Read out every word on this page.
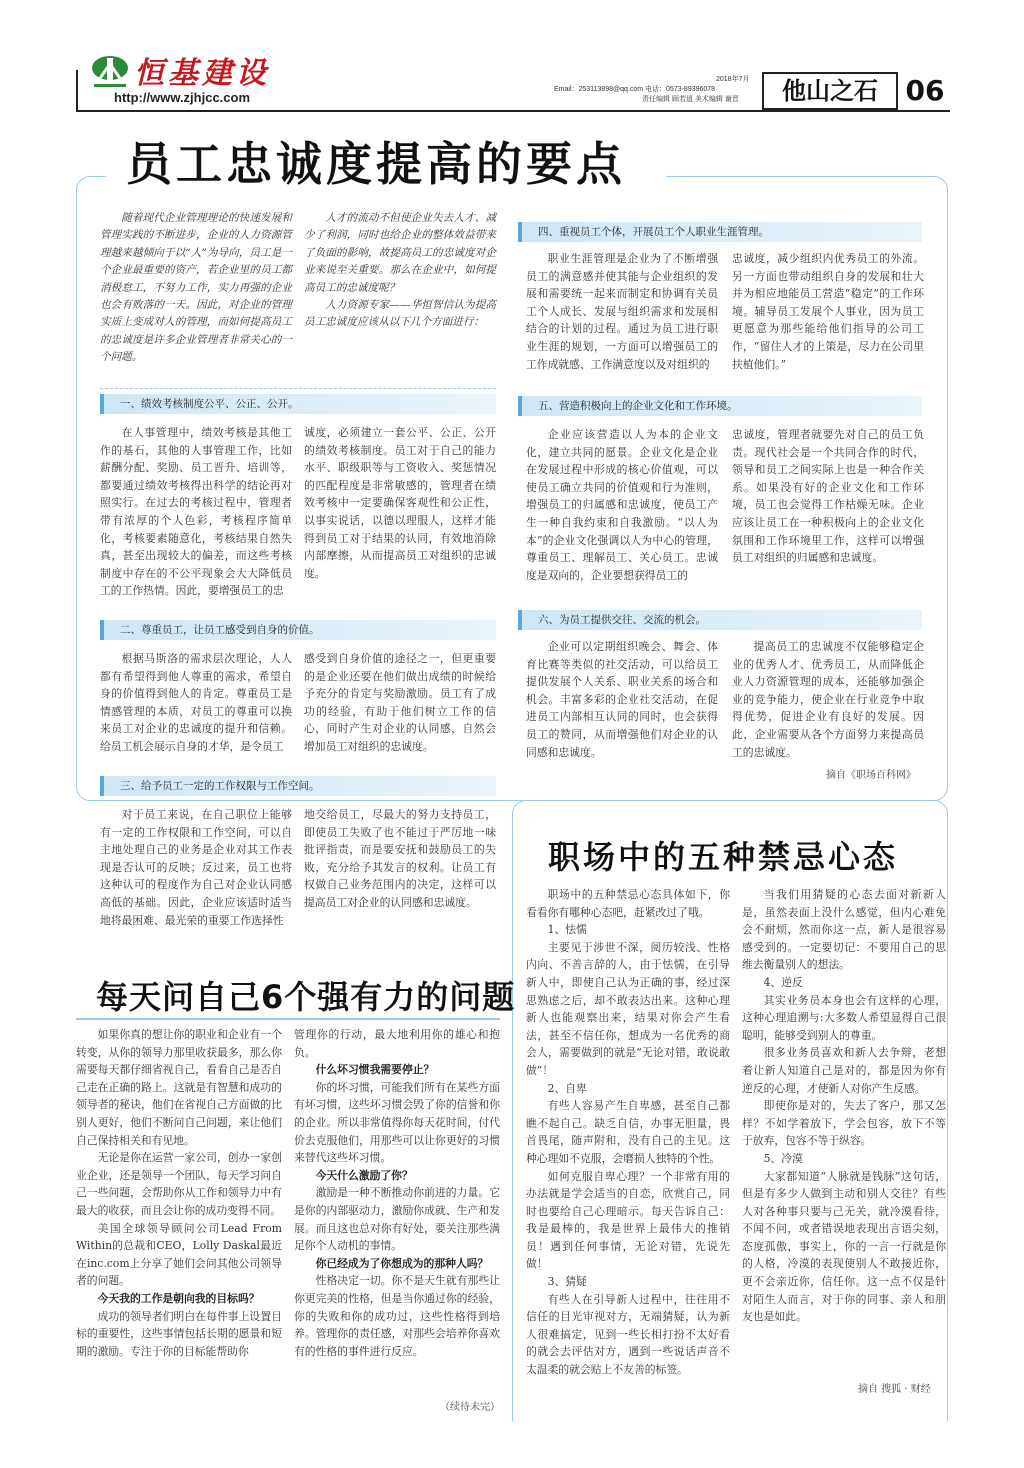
恒基建设
http://www.zjhjcc.com
2018年7月
Email：253113898@qq.com 电话：0573-89396078
责任编辑 顾若逍 美术编辑 谢晋	他山之石 06
员工忠诚度提高的要点

随着现代企业管理理论的快速发展和管理实践的不断进步，企业的人力资源管理越来越倾向于以“人”为导向，员工是一个企业最重要的资产，若企业里的员工都消极怠工，不努力工作，实力再强的企业也会有败落的一天。因此，对企业的管理实质上变成对人的管理，而如何提高员工的忠诚度是许多企业管理者非常关心的一个问题。

人才的流动不但使企业失去人才、减少了利润，同时也给企业的整体效益带来了负面的影响，故提高员工的忠诚度对企业来说至关重要。那么在企业中，如何提高员工的忠诚度呢？

人力资源专家——华恒智信认为提高员工忠诚度应该从以下几个方面进行：

一、绩效考核制度公平、公正、公开。

在人事管理中，绩效考核是其他工作的基石，其他的人事管理工作，比如薪酬分配、奖励、员工晋升、培训等，都要通过绩效考核得出科学的结论再对照实行。在过去的考核过程中，管理者带有浓厚的个人色彩，考核程序简单化，考核要素随意化，考核结果自然失真，甚至出现较大的偏差，而这些考核制度中存在的不公平现象会大大降低员工的工作热情。因此，要增强员工的忠

诚度，必须建立一套公平、公正、公开的绩效考核制度。员工对于自己的能力水平、职级职等与工资收入、奖惩情况的匹配程度是非常敏感的，管理者在绩效考核中一定要确保客观性和公正性，以事实说话，以德以理服人，这样才能得到员工对于结果的认同，有效地消除内部摩擦，从而提高员工对组织的忠诚度。

二、尊重员工，让员工感受到自身的价值。

根据马斯洛的需求层次理论，人人都有希望得到他人尊重的需求，希望自身的价值得到他人的肯定。尊重员工是情感管理的本质，对员工的尊重可以换来员工对企业的忠诚度的提升和信赖。给员工机会展示自身的才华，是令员工

感受到自身价值的途径之一，但更重要的是企业还要在他们做出成绩的时候给予充分的肯定与奖励激励。员工有了成功的经验，有助于他们树立工作的信心，同时产生对企业的认同感，自然会增加员工对组织的忠诚度。

三、给予员工一定的工作权限与工作空间。

对于员工来说，在自己职位上能够有一定的工作权限和工作空间，可以自主地处理自己的业务是企业对其工作表现是否认可的反映；反过来，员工也将这种认可的程度作为自己对企业认同感高低的基础。因此，企业应该适时适当地将最困难、最光荣的重要工作选择性

地交给员工，尽最大的努力支持员工，即使员工失败了也不能过于严厉地一味批评指责，而是要安抚和鼓励员工的失败，充分给予其发言的权利。让员工有权做自己业务范围内的决定，这样可以提高员工对企业的认同感和忠诚度。

四、重视员工个体，开展员工个人职业生涯管理。

职业生涯管理是企业为了不断增强员工的满意感并使其能与企业组织的发展和需要统一起来而制定和协调有关员工个人成长、发展与组织需求和发展相结合的计划的过程。通过为员工进行职业生涯的规划，一方面可以增强员工的工作成就感、工作满意度以及对组织的

忠诚度，减少组织内优秀员工的外流。另一方面也带动组织自身的发展和壮大并为相应地能员工营造“稳定”的工作环境。辅导员工发展个人事业，因为员工更愿意为那些能给他们指导的公司工作，“留住人才的上策是，尽力在公司里扶植他们。”

五、营造积极向上的企业文化和工作环境。

企业应该营造以人为本的企业文化，建立共同的愿景。企业文化是企业在发展过程中形成的核心价值观，可以使员工确立共同的价值观和行为准则，增强员工的归属感和忠诚度，使员工产生一种自我约束和自我激励。“以人为本”的企业文化强调以人为中心的管理，尊重员工、理解员工、关心员工。忠诚度是双向的，企业要想获得员工的

忠诚度，管理者就要先对自己的员工负责。现代社会是一个共同合作的时代，领导和员工之间实际上也是一种合作关系。如果没有好的企业文化和工作环境，员工也会觉得工作枯燥无味。企业应该让员工在一种积极向上的企业文化氛围和工作环境里工作，这样可以增强员工对组织的归属感和忠诚度。

六、为员工提供交往、交流的机会。

企业可以定期组织晚会、舞会、体育比赛等类似的社交活动，可以给员工提供发展个人关系、职业关系的场合和机会。丰富多彩的企业社交活动，在促进员工内部相互认同的同时，也会获得员工的赞同，从而增强他们对企业的认同感和忠诚度。

提高员工的忠诚度不仅能够稳定企业的优秀人才、优秀员工，从而降低企业人力资源管理的成本，还能够加强企业的竞争能力，使企业在行业竞争中取得优势，促进企业有良好的发展。因此，企业需要从各个方面努力来提高员工的忠诚度。

摘自《职场百科网》
职场中的五种禁忌心态

职场中的五种禁忌心态具体如下，你看看你有哪种心态吧，赶紧改过了哦。

1、怯懦

主要见于涉世不深，阅历较浅、性格内向、不善言辞的人，由于怯懦，在引导新人中，即使自己认为正确的事，经过深思熟虑之后，却不敢表达出来。这种心理新人也能观察出来，结果对你会产生看法，甚至不信任你，想成为一名优秀的商会人，需要做到的就是“无论对错，敢说敢做”！

2、自卑

有些人容易产生自卑感，甚至自己都瞧不起自己。缺乏自信，办事无胆量，畏首畏尾，随声附和，没有自己的主见。这种心理如不克服，会磨损人独特的个性。

如何克服自卑心理？一个非常有用的办法就是学会适当的自恋，欣赏自己，同时也要给自己心理暗示。每天告诉自己：我是最棒的，我是世界上最伟大的推销员！遇到任何事情，无论对错，先说先做！

3、猜疑

有些人在引导新人过程中，往往用不信任的目光审视对方，无端猜疑，认为新人很难搞定，见到一些长相打扮不太好看的就会去评估对方，遇到一些说话声音不太温柔的就会贴上不友善的标签。

当我们用猜疑的心态去面对新新人是，虽然表面上没什么感觉，但内心难免会不耐烦，然而你这一点，新人是很容易感受到的。一定要切记：不要用自己的思维去衡量别人的想法。

4、逆反

其实业务员本身也会有这样的心理，这种心理追溯与:大多数人希望显得自己很聪明，能够受到别人的尊重。

很多业务员喜欢和新人去争辩，老想着让新人知道自己是对的，都是因为你有逆反的心理，才使新人对你产生反感。

即使你是对的，失去了客户，那又怎样？不如学着放下，学会包容，放下不等于放弃，包容不等于纵容。

5、冷漠

大家都知道“人脉就是钱脉”这句话，但是有多少人做到主动和别人交往？有些人对各种事只要与己无关，就冷漠看待，不闻不问，或者错误地表现出言语尖刻，态度孤傲，事实上，你的一言一行就是你的人格，冷漠的表现使别人不敢接近你，更不会亲近你，信任你。这一点不仅是针对陌生人而言，对于你的同事、亲人和朋友也是如此。

摘自 搜狐 · 财经
每天问自己6个强有力的问题

如果你真的想让你的职业和企业有一个转变，从你的领导力那里收获最多，那么你需要每天都仔细省视自己，看看自己是否自己走在正确的路上。这就是有智慧和成功的领导者的秘诀，他们在省视自己方面做的比别人更好，他们不断问自己问题，来让他们自己保持相关和有见地。

无论是你在运营一家公司，创办一家创业企业，还是领导一个团队，每天学习问自己一些问题，会帮助你从工作和领导力中有最大的收获，而且会让你的成功变得不同。

美国全球领导顾问公司Lead From Within的总裁和CEO，Lolly Daskal最近在inc.com上分享了她们会问其他公司领导者的问题。

今天我的工作是朝向我的目标吗？

成功的领导者们明白在每件事上设置目标的重要性，这些事情包括长期的愿景和短期的激励。专注于你的目标能帮助你

管理你的行动，最大地利用你的雄心和抱负。

什么坏习惯我需要停止？

你的坏习惯，可能我们所有在某些方面有坏习惯，这些坏习惯会毁了你的信誉和你的企业。所以非常值得你每天花时间，付代价去克服他们，用那些可以让你更好的习惯来替代这些坏习惯。

今天什么激励了你？

激励是一种不断推动你前进的力量。它是你的内部驱动力，激励你成就、生产和发展。而且这也总对你有好处，要关注那些满足你个人动机的事情。

你已经成为了你想成为的那种人吗？

性格决定一切。你不是天生就有那些让你更完美的性格，但是当你通过你的经验，你的失败和你的成功过，这些性格得到培养。管理你的责任感，对那些会培养你喜欢有的性格的事件进行反应。

（续待未完）
